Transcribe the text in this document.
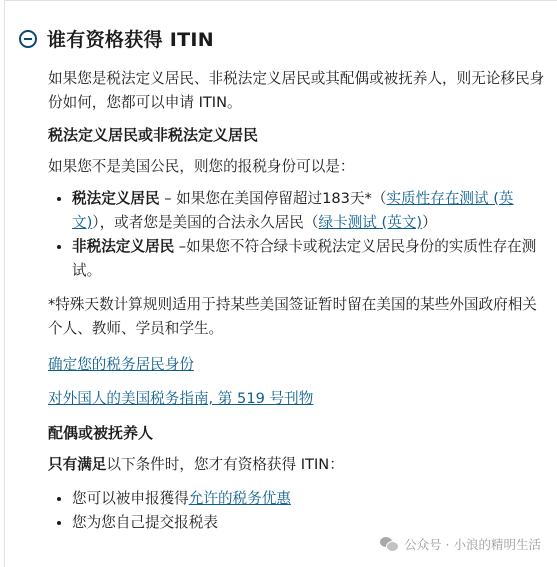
谁有资格获得 ITIN

如果您是税法定义居民、非税法定义居民或其配偶或被抚养人，则无论移民身份如何，您都可以申请 ITIN。

税法定义居民或非税法定义居民

如果您不是美国公民，则您的报税身份可以是：

• 税法定义居民 – 如果您在美国停留超过183天*（实质性存在测试 (英文)），或者您是美国的合法永久居民（绿卡测试 (英文)）
• 非税法定义居民 –如果您不符合绿卡或税法定义居民身份的实质性存在测试。

*特殊天数计算规则适用于持某些美国签证暂时留在美国的某些外国政府相关个人、教师、学员和学生。

确定您的税务居民身份

对外国人的美国税务指南, 第 519 号刊物

配偶或被抚养人

只有满足以下条件时，您才有资格获得 ITIN：

• 您可以被申报獲得允许的税务优惠
• 您为您自己提交报税表
公众号 · 小浪的精明生活
